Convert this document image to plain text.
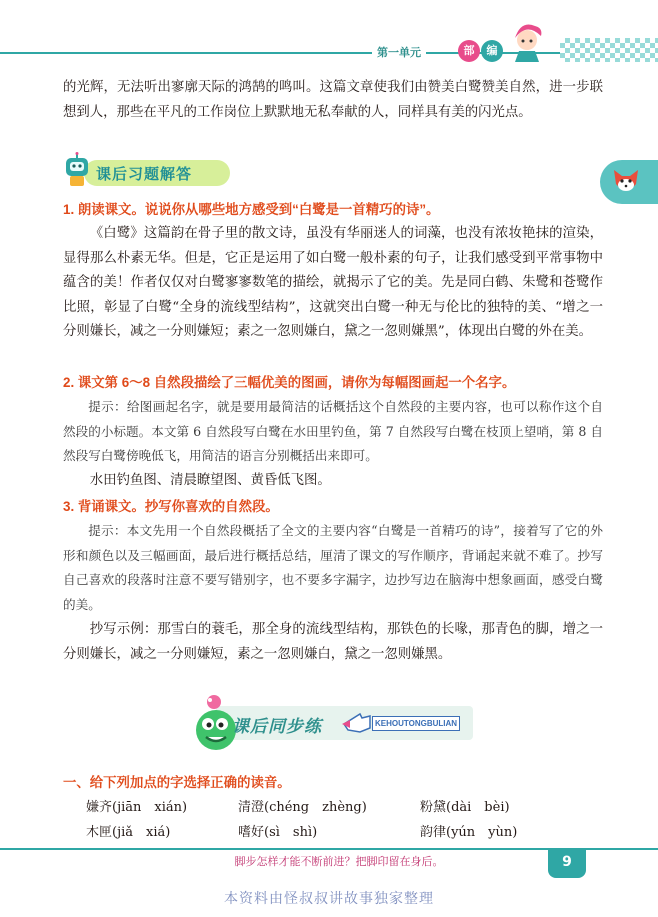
第一单元	部	编

的光辉，无法听出寥廓天际的鸿鹄的鸣叫。这篇文章使我们由赞美白鹭赞美自然，进一步联想到人，那些在平凡的工作岗位上默默地无私奉献的人，同样具有美的闪光点。

课后习题解答
1. 朗读课文。说说你从哪些地方感受到“白鹭是一首精巧的诗”。

《白鹭》这篇韵在骨子里的散文诗，虽没有华丽迷人的词藻，也没有浓妆艳抹的渲染，显得那么朴素无华。但是，它正是运用了如白鹭一般朴素的句子，让我们感受到平常事物中蕴含的美！作者仅仅对白鹭寥寥数笔的描绘，就揭示了它的美。先是同白鹤、朱鹭和苍鹭作比照，彰显了白鹭“全身的流线型结构”，这就突出白鹭一种无与伦比的独特的美、“增之一分则嫌长，减之一分则嫌短；素之一忽则嫌白，黛之一忽则嫌黑”，体现出白鹭的外在美。

2. 课文第 6～8 自然段描绘了三幅优美的图画，请你为每幅图画起一个名字。

提示：给图画起名字，就是要用最简洁的话概括这个自然段的主要内容，也可以称作这个自然段的小标题。本文第 6 自然段写白鹭在水田里钓鱼，第 7 自然段写白鹭在枝顶上望哨，第 8 自然段写白鹭傍晚低飞，用简洁的语言分别概括出来即可。

水田钓鱼图、清晨瞭望图、黄昏低飞图。

3. 背诵课文。抄写你喜欢的自然段。

提示：本文先用一个自然段概括了全文的主要内容“白鹭是一首精巧的诗”，接着写了它的外形和颜色以及三幅画面，最后进行概括总结，厘清了课文的写作顺序，背诵起来就不难了。抄写自己喜欢的段落时注意不要写错别字，也不要多字漏字，边抄写边在脑海中想象画面，感受白鹭的美。

抄写示例：那雪白的蓑毛，那全身的流线型结构，那铁色的长喙，那青色的脚，增之一分则嫌长，减之一分则嫌短，素之一忽则嫌白，黛之一忽则嫌黑。

课后同步练	KEHOUTONGBULIAN
一、给下列加点的字选择正确的读音。
嫌齐(jiān　xián)	清澄(chéng　zhèng)	粉黛(dài　bèi)
木匣(jiǎ　xiá)	嗜好(sì　shì)	韵律(yún　yùn)
脚步怎样才能不断前进？把脚印留在身后。	9
本资料由怪叔叔讲故事独家整理
